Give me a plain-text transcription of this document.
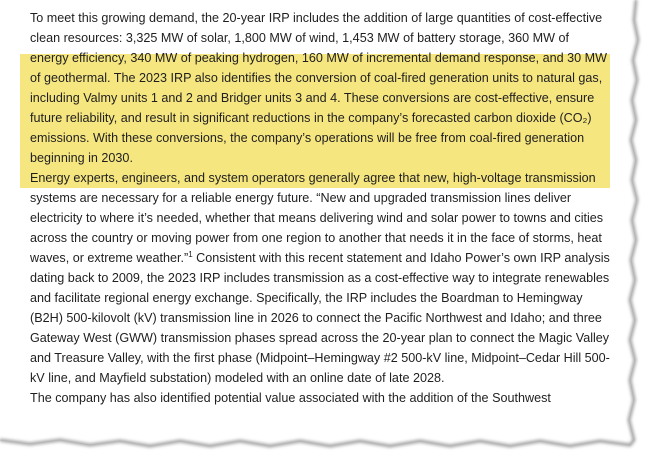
To meet this growing demand, the 20-year IRP includes the addition of large quantities of cost-effective clean resources: 3,325 MW of solar, 1,800 MW of wind, 1,453 MW of battery storage, 360 MW of energy efficiency, 340 MW of peaking hydrogen, 160 MW of incremental demand response, and 30 MW of geothermal. The 2023 IRP also identifies the conversion of coal-fired generation units to natural gas, including Valmy units 1 and 2 and Bridger units 3 and 4. These conversions are cost-effective, ensure future reliability, and result in significant reductions in the company’s forecasted carbon dioxide (CO₂) emissions. With these conversions, the company’s operations will be free from coal-fired generation beginning in 2030.

Energy experts, engineers, and system operators generally agree that new, high-voltage transmission systems are necessary for a reliable energy future. “New and upgraded transmission lines deliver electricity to where it’s needed, whether that means delivering wind and solar power to towns and cities across the country or moving power from one region to another that needs it in the face of storms, heat waves, or extreme weather.”$^1$ Consistent with this recent statement and Idaho Power’s own IRP analysis dating back to 2009, the 2023 IRP includes transmission as a cost-effective way to integrate renewables and facilitate regional energy exchange. Specifically, the IRP includes the Boardman to Hemingway (B2H) 500-kilovolt (kV) transmission line in 2026 to connect the Pacific Northwest and Idaho; and three Gateway West (GWW) transmission phases spread across the 20-year plan to connect the Magic Valley and Treasure Valley, with the first phase (Midpoint–Hemingway #2 500-kV line, Midpoint–Cedar Hill 500-kV line, and Mayfield substation) modeled with an online date of late 2028.

The company has also identified potential value associated with the addition of the Southwest
